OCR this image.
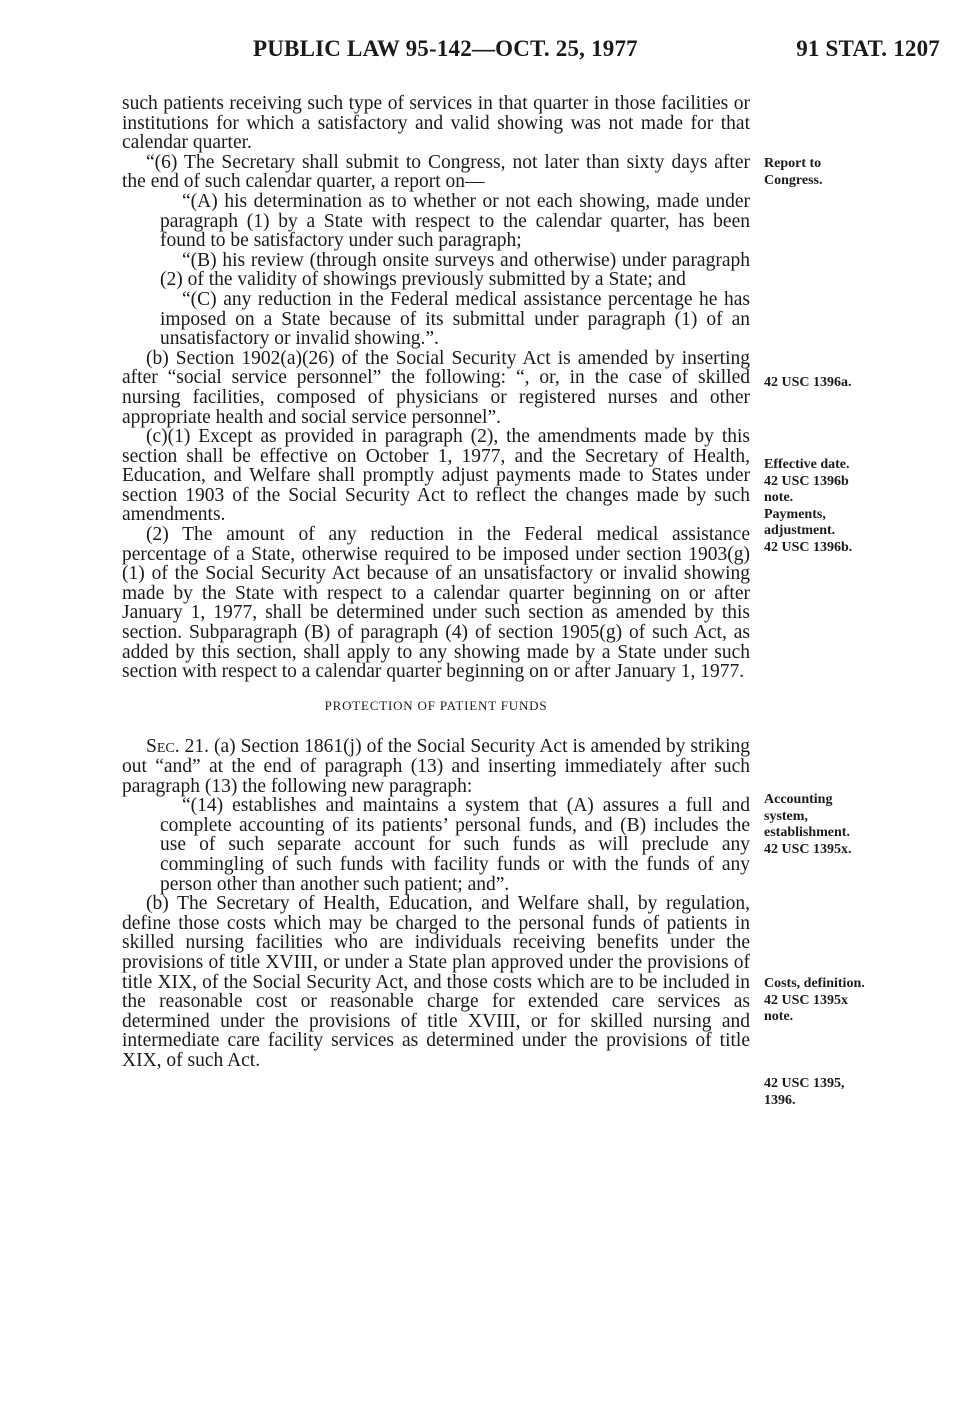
PUBLIC LAW 95-142—OCT. 25, 1977	91 STAT. 1207

such patients receiving such type of services in that quarter in those facilities or institutions for which a satisfactory and valid showing was not made for that calendar quarter.

“(6) The Secretary shall submit to Congress, not later than sixty days after the end of such calendar quarter, a report on—

“(A) his determination as to whether or not each showing, made under paragraph (1) by a State with respect to the calendar quarter, has been found to be satisfactory under such paragraph;

“(B) his review (through onsite surveys and otherwise) under paragraph (2) of the validity of showings previously submitted by a State; and

“(C) any reduction in the Federal medical assistance percentage he has imposed on a State because of its submittal under paragraph (1) of an unsatisfactory or invalid showing.”.

(b) Section 1902(a)(26) of the Social Security Act is amended by inserting after “social service personnel” the following: “, or, in the case of skilled nursing facilities, composed of physicians or registered nurses and other appropriate health and social service personnel”.

(c)(1) Except as provided in paragraph (2), the amendments made by this section shall be effective on October 1, 1977, and the Secretary of Health, Education, and Welfare shall promptly adjust payments made to States under section 1903 of the Social Security Act to reflect the changes made by such amendments.

(2) The amount of any reduction in the Federal medical assistance percentage of a State, otherwise required to be imposed under section 1903(g)(1) of the Social Security Act because of an unsatisfactory or invalid showing made by the State with respect to a calendar quarter beginning on or after January 1, 1977, shall be determined under such section as amended by this section. Subparagraph (B) of paragraph (4) of section 1905(g) of such Act, as added by this section, shall apply to any showing made by a State under such section with respect to a calendar quarter beginning on or after January 1, 1977.

PROTECTION OF PATIENT FUNDS

Sec. 21. (a) Section 1861(j) of the Social Security Act is amended by striking out “and” at the end of paragraph (13) and inserting immediately after such paragraph (13) the following new paragraph:

“(14) establishes and maintains a system that (A) assures a full and complete accounting of its patients’ personal funds, and (B) includes the use of such separate account for such funds as will preclude any commingling of such funds with facility funds or with the funds of any person other than another such patient; and”.

(b) The Secretary of Health, Education, and Welfare shall, by regulation, define those costs which may be charged to the personal funds of patients in skilled nursing facilities who are individuals receiving benefits under the provisions of title XVIII, or under a State plan approved under the provisions of title XIX, of the Social Security Act, and those costs which are to be included in the reasonable cost or reasonable charge for extended care services as determined under the provisions of title XVIII, or for skilled nursing and intermediate care facility services as determined under the provisions of title XIX, of such Act.

Report to
Congress.
42 USC 1396a.
Effective date.
42 USC 1396b
note.
Payments,
adjustment.
42 USC 1396b.
Accounting
system,
establishment.
42 USC 1395x.
Costs, definition.
42 USC 1395x
note.
42 USC 1395,
1396.
